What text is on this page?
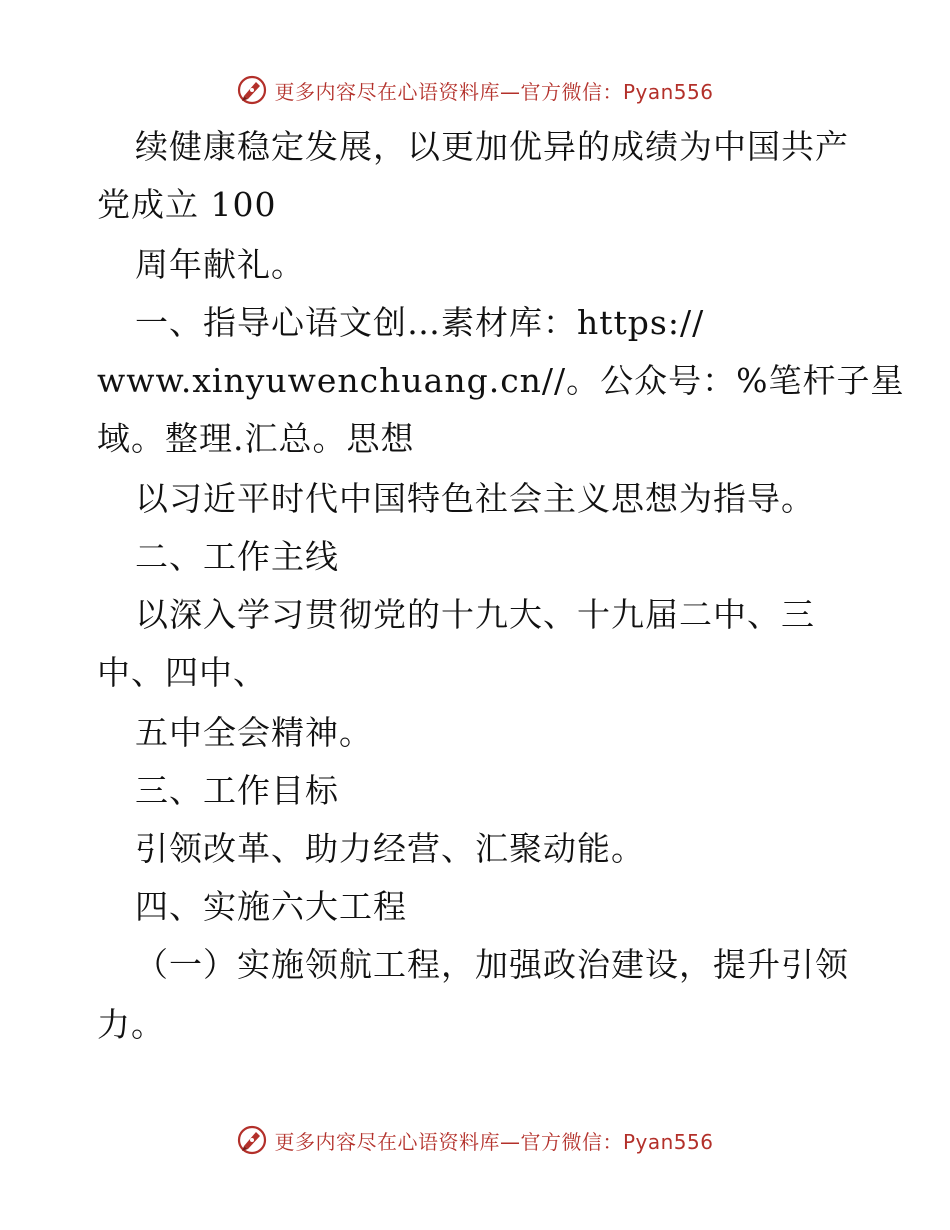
更多内容尽在心语资料库—官方微信：Pyan556
续健康稳定发展，以更加优异的成绩为中国共产
党成立 100
周年献礼。
一、指导心语文创…素材库：https://
www.xinyuwenchuang.cn//。公众号：%笔杆子星
域。整理.汇总。思想
以习近平时代中国特色社会主义思想为指导。
二、工作主线
以深入学习贯彻党的十九大、十九届二中、三
中、四中、
五中全会精神。
三、工作目标
引领改革、助力经营、汇聚动能。
四、实施六大工程
（一）实施领航工程，加强政治建设，提升引领
力。
更多内容尽在心语资料库—官方微信：Pyan556
